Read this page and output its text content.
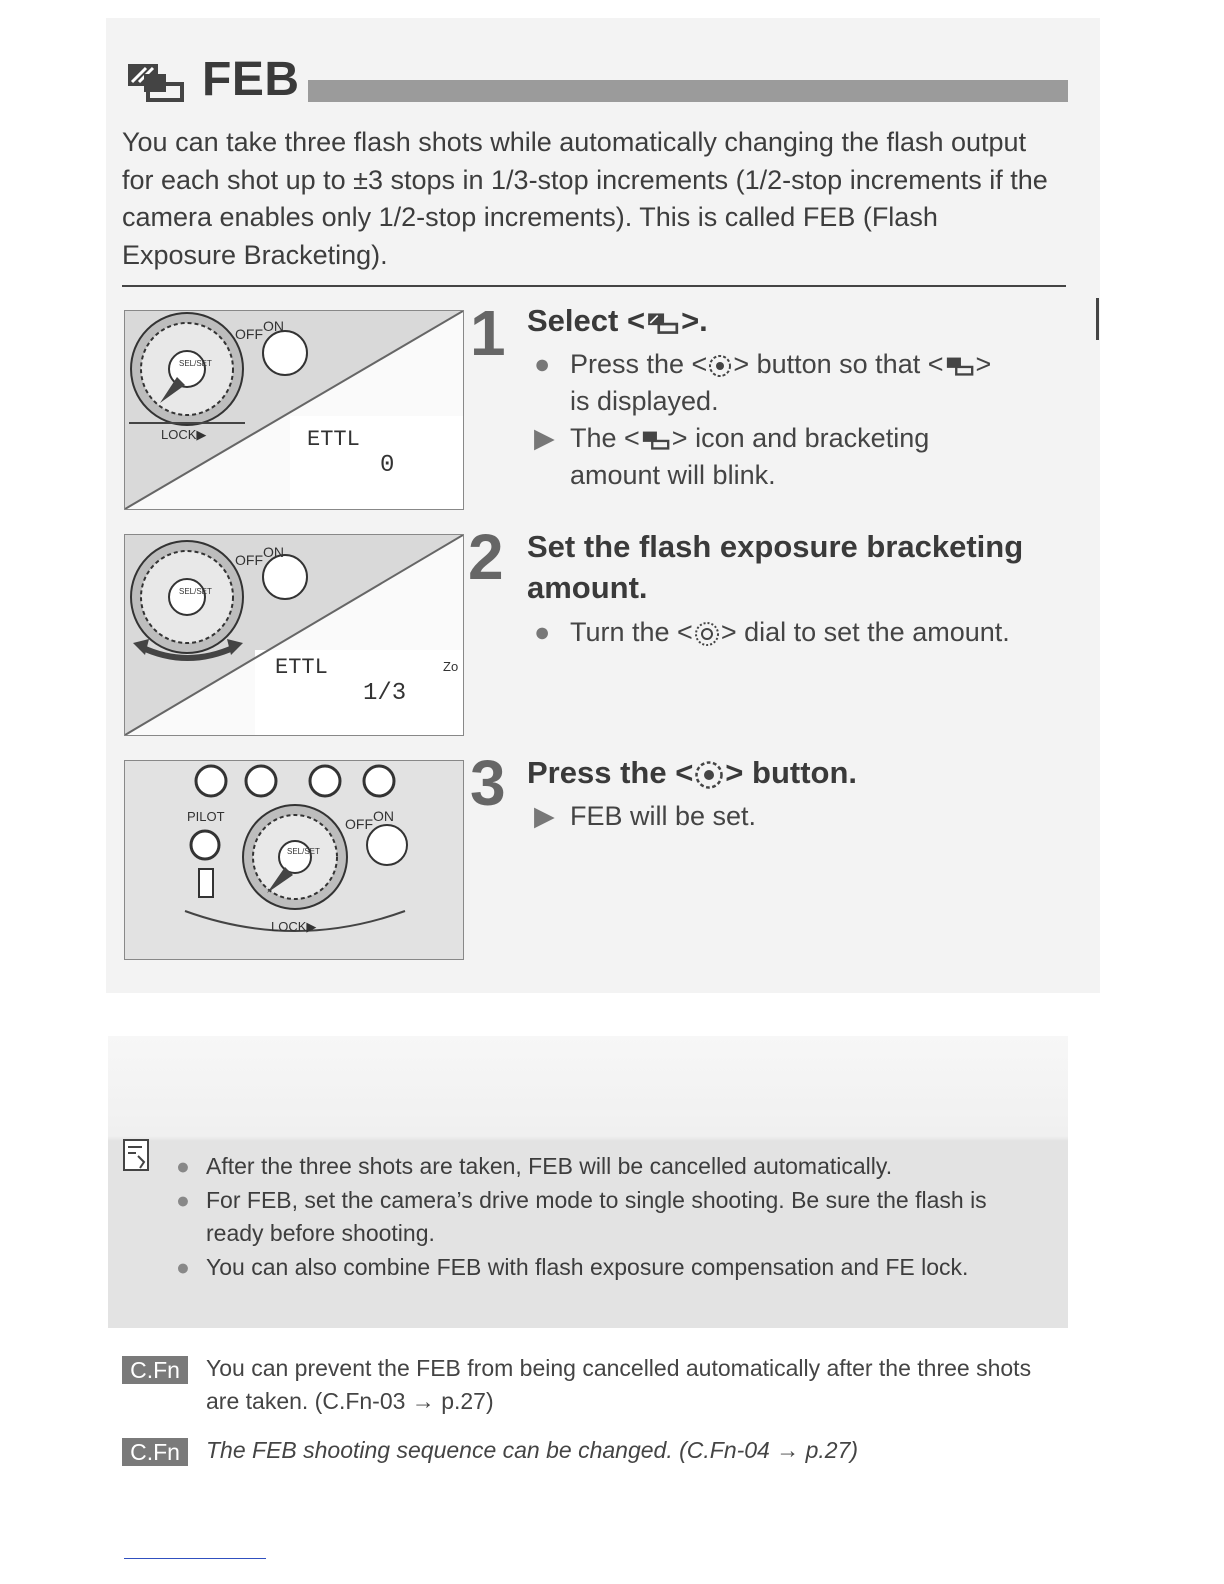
FEB
You can take three flash shots while automatically changing the flash output for each shot up to ±3 stops in 1/3-stop increments (1/2-stop increments if the camera enables only 1/2-stop increments). This is called FEB (Flash Exposure Bracketing).
OFF ON
SEL/SET
LOCK▶	ETTL
0
1 Select < >.
● Press the < > button so that < >
is displayed.
▶ The < > icon and bracketing
amount will blink.
OFF ON
SEL/SET
ETTL
1/3
Zo
2 Set the flash exposure bracketing
amount.
● Turn the < > dial to set the amount.
PILOT	OFF ON
SEL/SET
LOCK▶
3 Press the < > button.
▶ FEB will be set.
● After the three shots are taken, FEB will be cancelled automatically.
● For FEB, set the camera’s drive mode to single shooting. Be sure the flash is ready before shooting.
● You can also combine FEB with flash exposure compensation and FE lock.
C.Fn	You can prevent the FEB from being cancelled automatically after the three shots are taken. (C.Fn-03 → p.27)
C.Fn	The FEB shooting sequence can be changed. (C.Fn-04 → p.27)
